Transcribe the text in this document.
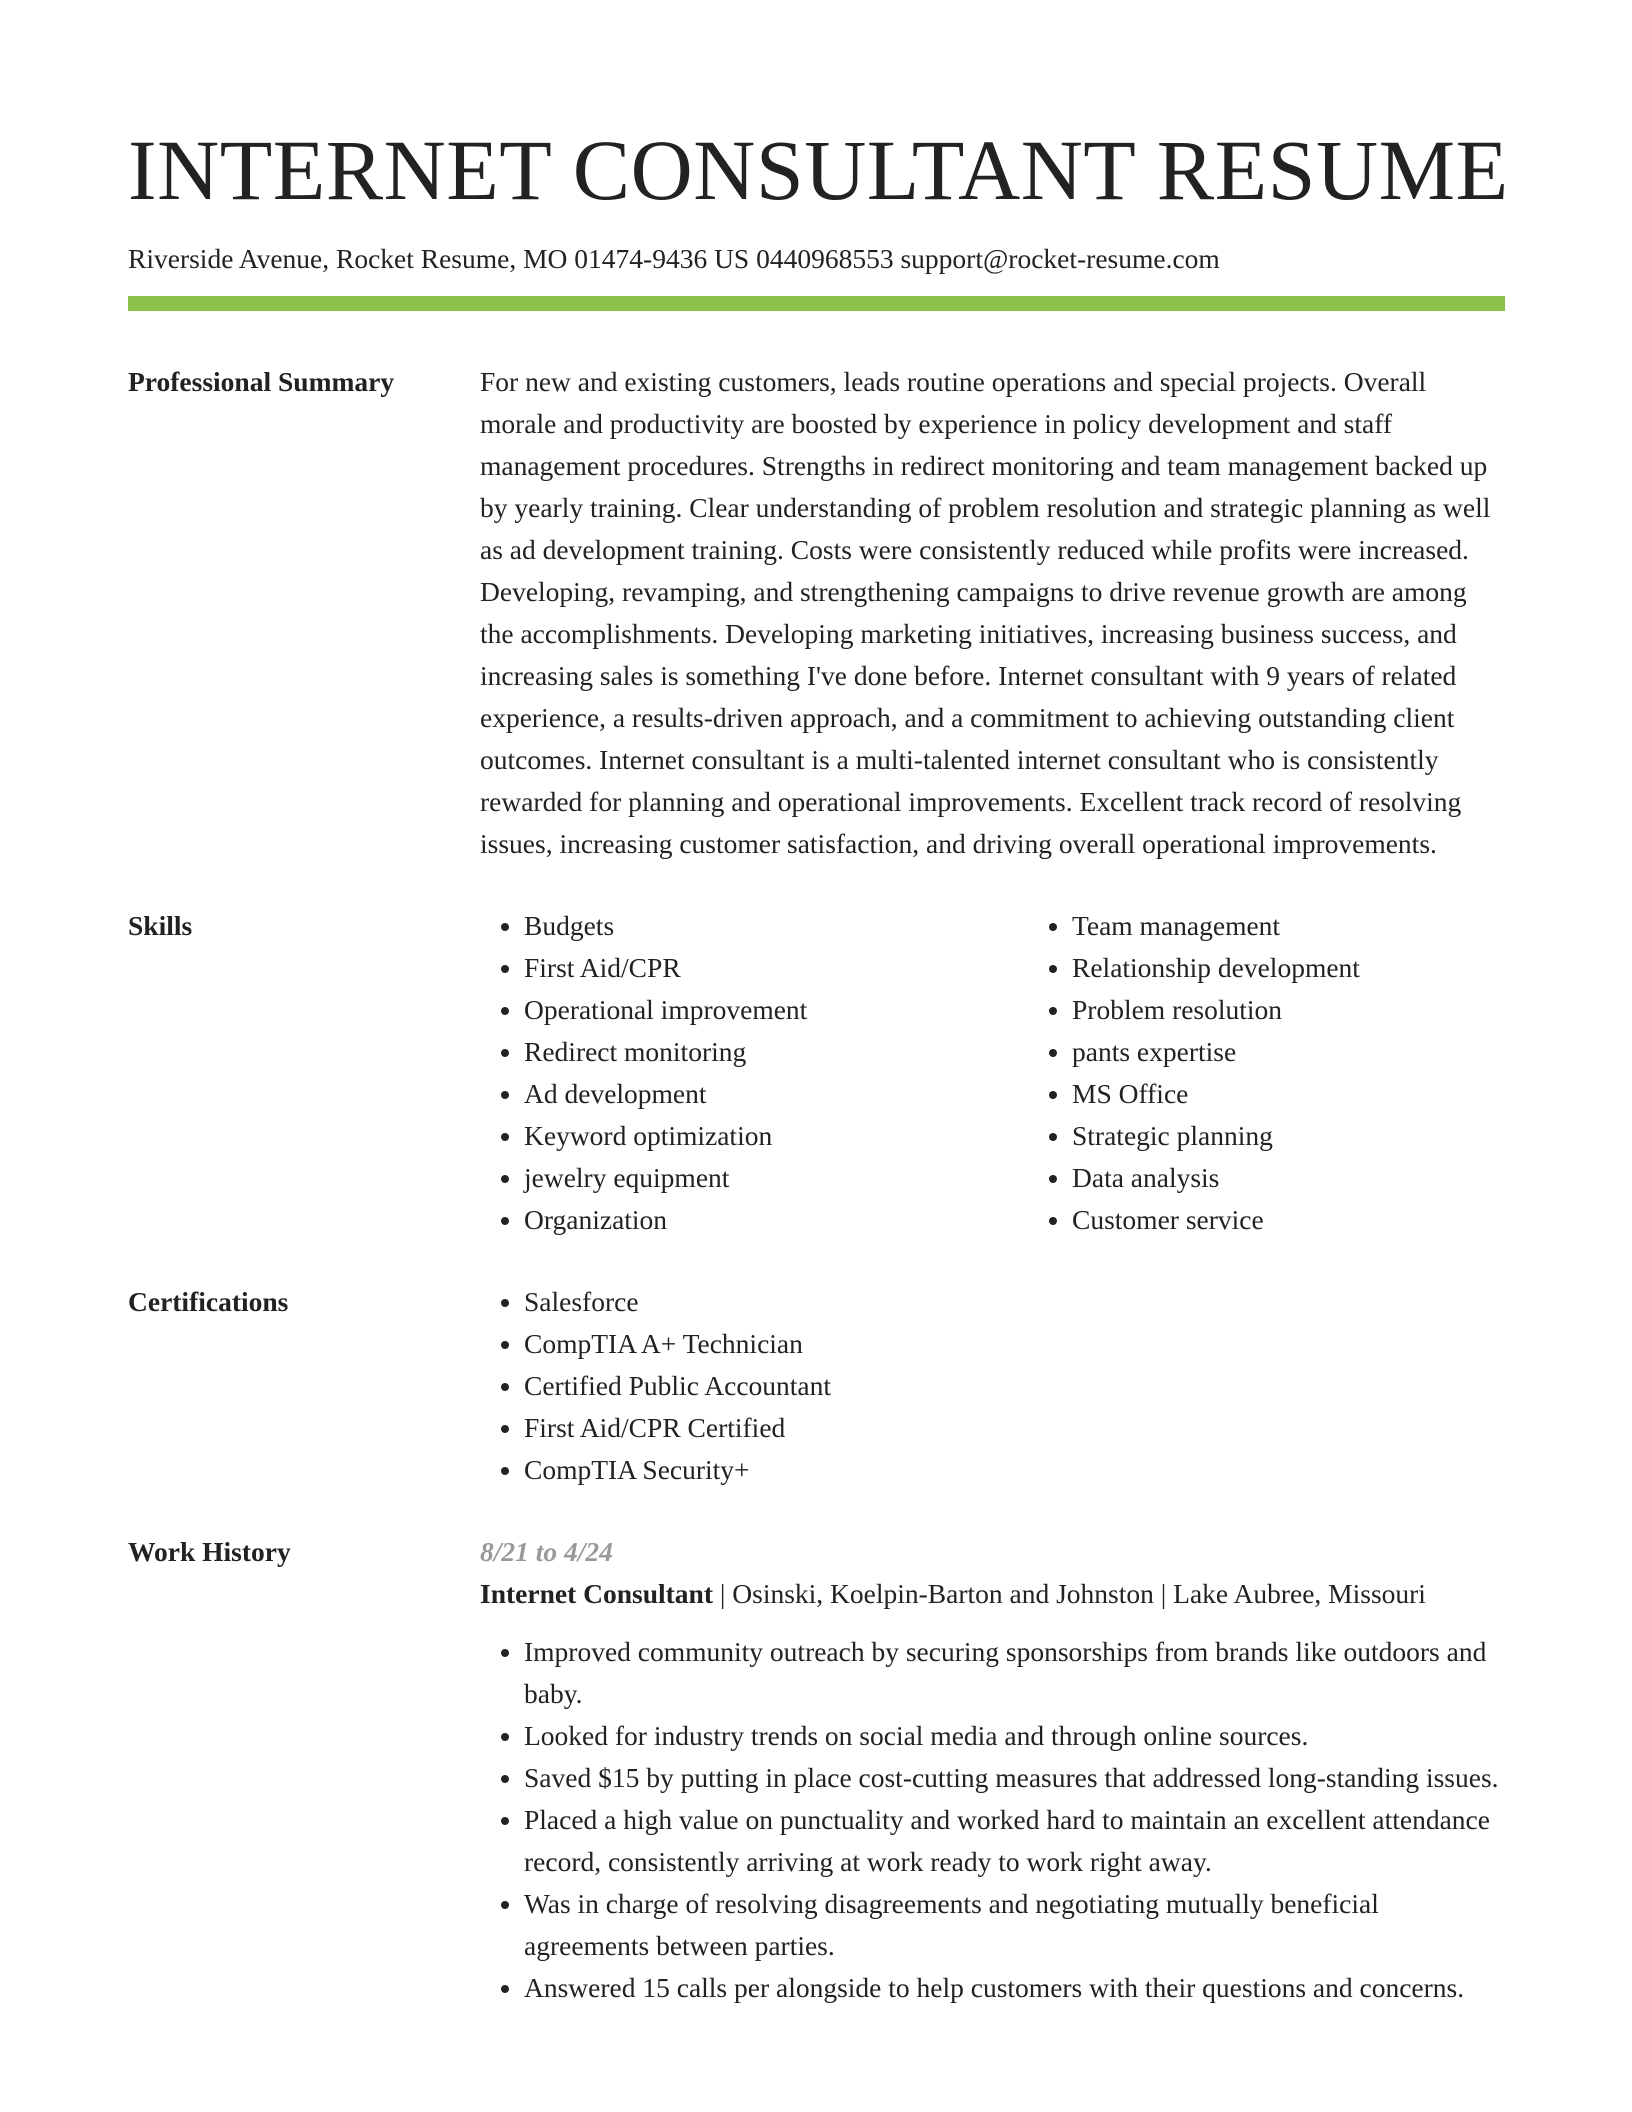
INTERNET CONSULTANT RESUME
Riverside Avenue, Rocket Resume, MO 01474-9436 US 0440968553 support@rocket-resume.com
Professional Summary	For new and existing customers, leads routine operations and special projects. Overall morale and productivity are boosted by experience in policy development and staff management procedures. Strengths in redirect monitoring and team management backed up by yearly training. Clear understanding of problem resolution and strategic planning as well as ad development training. Costs were consistently reduced while profits were increased. Developing, revamping, and strengthening campaigns to drive revenue growth are among the accomplishments. Developing marketing initiatives, increasing business success, and increasing sales is something I've done before. Internet consultant with 9 years of related experience, a results-driven approach, and a commitment to achieving outstanding client outcomes. Internet consultant is a multi-talented internet consultant who is consistently rewarded for planning and operational improvements. Excellent track record of resolving issues, increasing customer satisfaction, and driving overall operational improvements.

Skills	• Budgets
• First Aid/CPR
• Operational improvement
• Redirect monitoring
• Ad development
• Keyword optimization
• jewelry equipment
• Organization
• Team management
• Relationship development
• Problem resolution
• pants expertise
• MS Office
• Strategic planning
• Data analysis
• Customer service
Certifications	• Salesforce
• CompTIA A+ Technician
• Certified Public Accountant
• First Aid/CPR Certified
• CompTIA Security+
Work History	8/21 to 4/24
Internet Consultant | Osinski, Koelpin-Barton and Johnston | Lake Aubree, Missouri
• Improved community outreach by securing sponsorships from brands like outdoors and baby.
• Looked for industry trends on social media and through online sources.
• Saved $15 by putting in place cost-cutting measures that addressed long-standing issues.
• Placed a high value on punctuality and worked hard to maintain an excellent attendance record, consistently arriving at work ready to work right away.
• Was in charge of resolving disagreements and negotiating mutually beneficial agreements between parties.
• Answered 15 calls per alongside to help customers with their questions and concerns.
